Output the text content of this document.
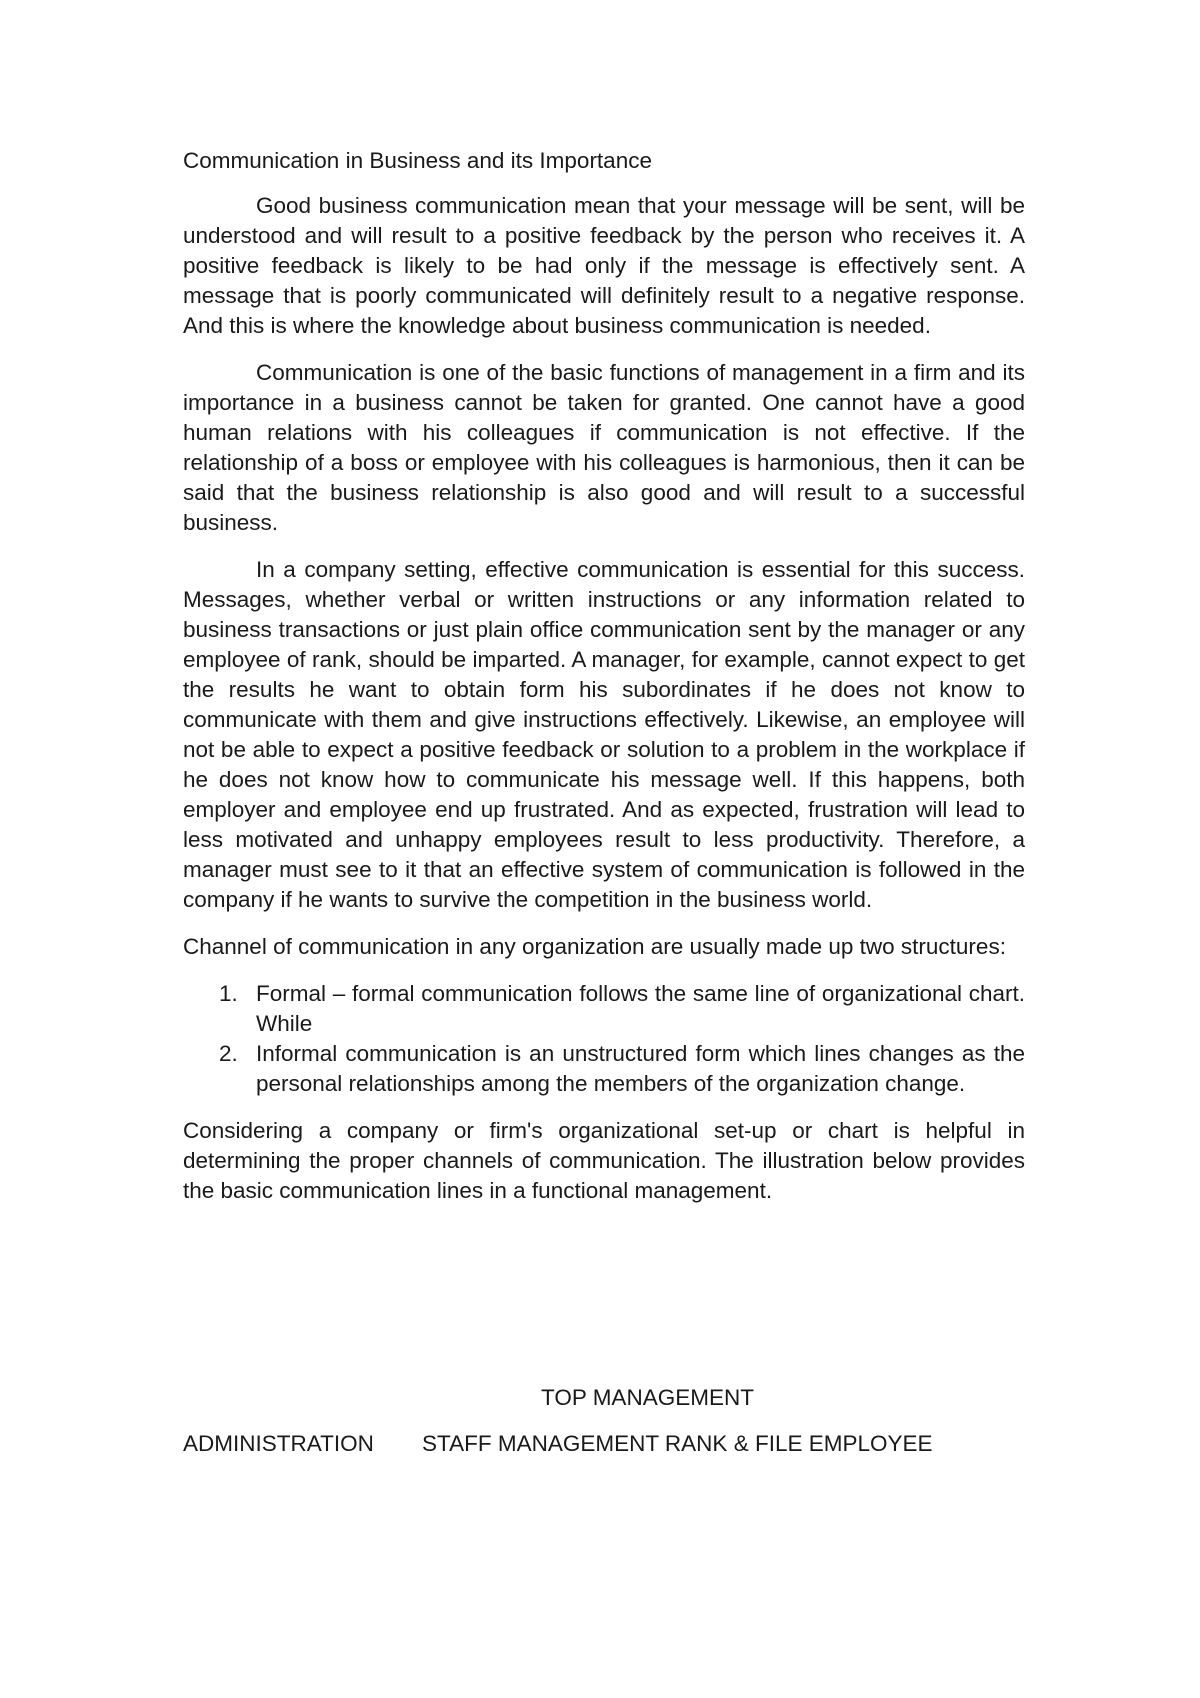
Communication in Business and its Importance

Good business communication mean that your message will be sent, will be understood and will result to a positive feedback by the person who receives it. A positive feedback is likely to be had only if the message is effectively sent. A message that is poorly communicated will definitely result to a negative response. And this is where the knowledge about business communication is needed.

Communication is one of the basic functions of management in a firm and its importance in a business cannot be taken for granted. One cannot have a good human relations with his colleagues if communication is not effective. If the relationship of a boss or employee with his colleagues is harmonious, then it can be said that the business relationship is also good and will result to a successful business.

In a company setting, effective communication is essential for this success. Messages, whether verbal or written instructions or any information related to business transactions or just plain office communication sent by the manager or any employee of rank, should be imparted. A manager, for example, cannot expect to get the results he want to obtain form his subordinates if he does not know to communicate with them and give instructions effectively. Likewise, an employee will not be able to expect a positive feedback or solution to a problem in the workplace if he does not know how to communicate his message well. If this happens, both employer and employee end up frustrated. And as expected, frustration will lead to less motivated and unhappy employees result to less productivity. Therefore, a manager must see to it that an effective system of communication is followed in the company if he wants to survive the competition in the business world.

Channel of communication in any organization are usually made up two structures:

1. Formal – formal communication follows the same line of organizational chart. While
2. Informal communication is an unstructured form which lines changes as the personal relationships among the members of the organization change.

Considering a company or firm's organizational set-up or chart is helpful in determining the proper channels of communication. The illustration below provides the basic communication lines in a functional management.

TOP MANAGEMENT
ADMINISTRATION STAFF MANAGEMENT RANK & FILE EMPLOYEE
